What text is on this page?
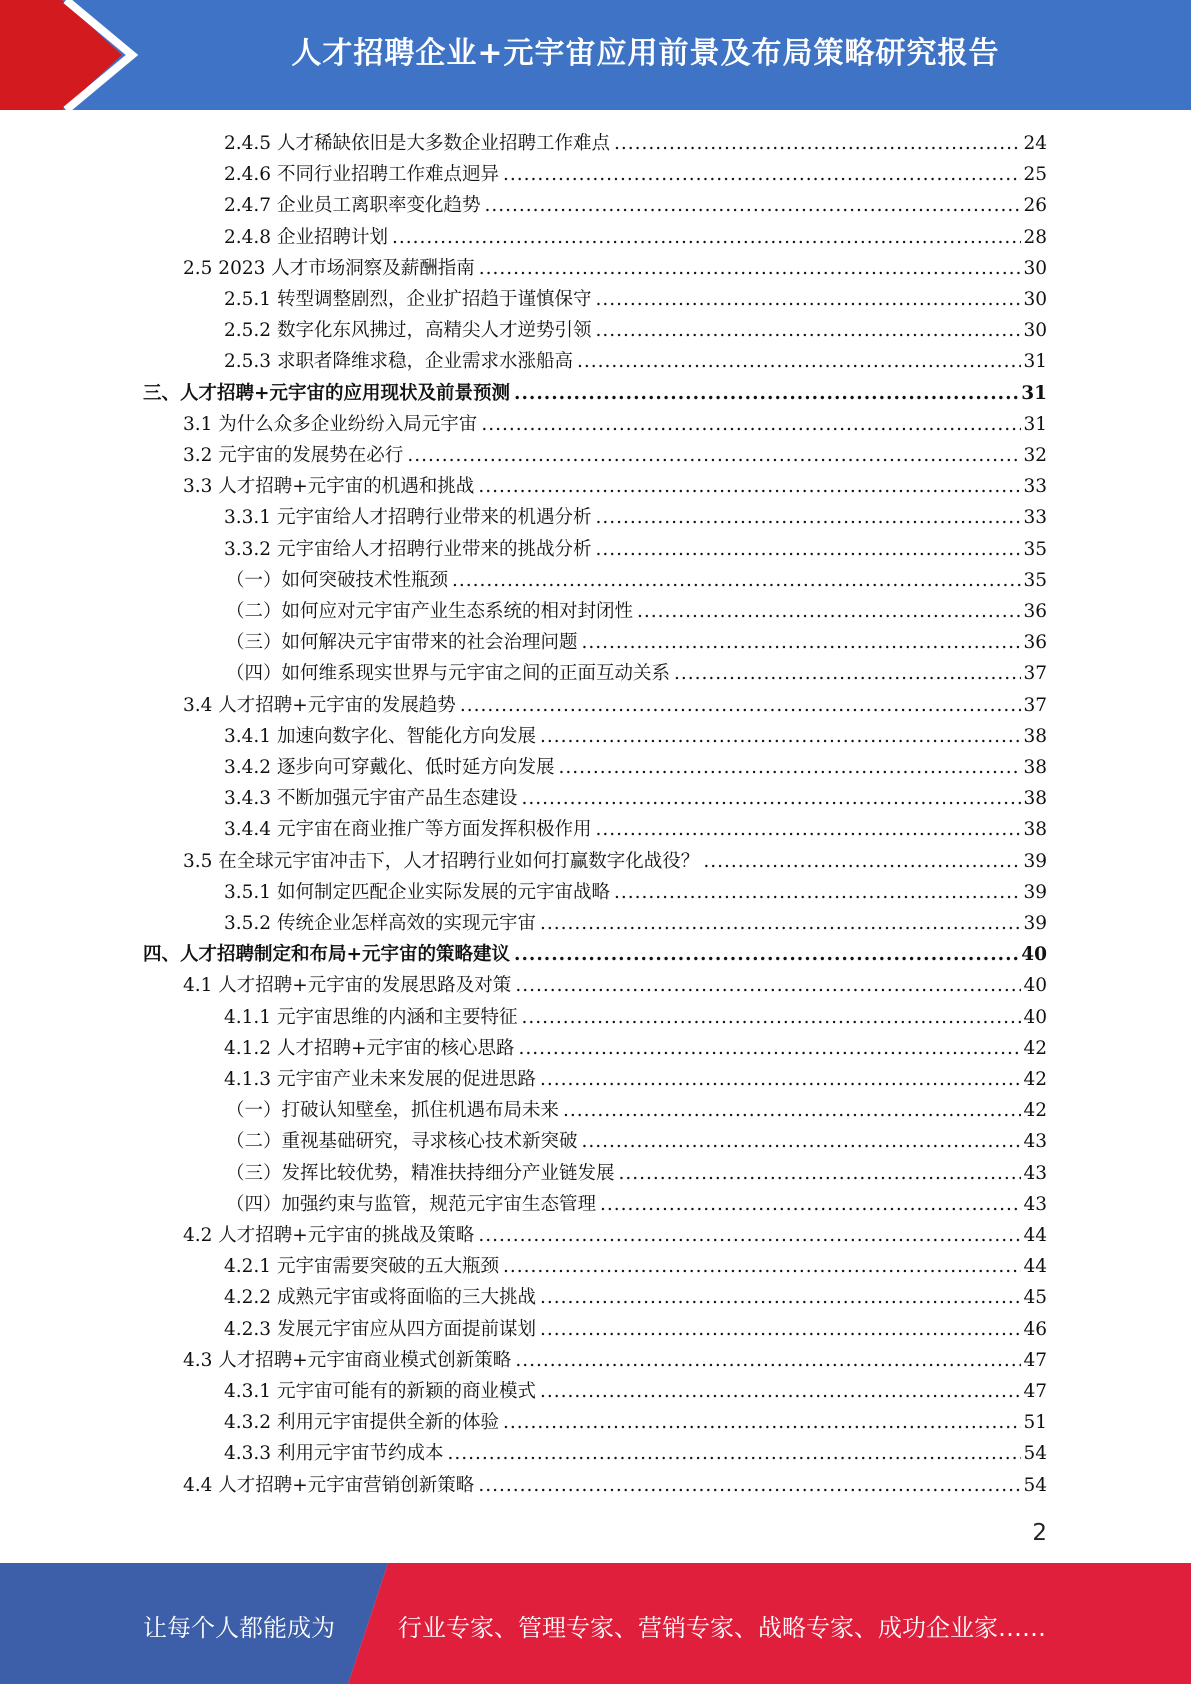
人才招聘企业+元宇宙应用前景及布局策略研究报告
2.4.5 人才稀缺依旧是大多数企业招聘工作难点 .....	24
2.4.6 不同行业招聘工作难点迥异 .....	25
2.4.7 企业员工离职率变化趋势 .....	26
2.4.8 企业招聘计划 .....	28
2.5 2023 人才市场洞察及薪酬指南 .....	30
2.5.1 转型调整剧烈，企业扩招趋于谨慎保守 .....	30
2.5.2 数字化东风拂过，高精尖人才逆势引领 .....	30
2.5.3 求职者降维求稳，企业需求水涨船高 .....	31
三、人才招聘+元宇宙的应用现状及前景预测 .....	31
3.1 为什么众多企业纷纷入局元宇宙 .....	31
3.2 元宇宙的发展势在必行 .....	32
3.3 人才招聘+元宇宙的机遇和挑战 .....	33
3.3.1 元宇宙给人才招聘行业带来的机遇分析 .....	33
3.3.2 元宇宙给人才招聘行业带来的挑战分析 .....	35
（一）如何突破技术性瓶颈 .....	35
（二）如何应对元宇宙产业生态系统的相对封闭性 .....	36
（三）如何解决元宇宙带来的社会治理问题 .....	36
（四）如何维系现实世界与元宇宙之间的正面互动关系 .....	37
3.4 人才招聘+元宇宙的发展趋势 .....	37
3.4.1 加速向数字化、智能化方向发展 .....	38
3.4.2 逐步向可穿戴化、低时延方向发展 .....	38
3.4.3 不断加强元宇宙产品生态建设 .....	38
3.4.4 元宇宙在商业推广等方面发挥积极作用 .....	38
3.5 在全球元宇宙冲击下，人才招聘行业如何打赢数字化战役？ .....	39
3.5.1 如何制定匹配企业实际发展的元宇宙战略 .....	39
3.5.2 传统企业怎样高效的实现元宇宙 .....	39
四、人才招聘制定和布局+元宇宙的策略建议 .....	40
4.1 人才招聘+元宇宙的发展思路及对策 .....	40
4.1.1 元宇宙思维的内涵和主要特征 .....	40
4.1.2 人才招聘+元宇宙的核心思路 .....	42
4.1.3 元宇宙产业未来发展的促进思路 .....	42
（一）打破认知壁垒，抓住机遇布局未来 .....	42
（二）重视基础研究，寻求核心技术新突破 .....	43
（三）发挥比较优势，精准扶持细分产业链发展 .....	43
（四）加强约束与监管，规范元宇宙生态管理 .....	43
4.2 人才招聘+元宇宙的挑战及策略 .....	44
4.2.1 元宇宙需要突破的五大瓶颈 .....	44
4.2.2 成熟元宇宙或将面临的三大挑战 .....	45
4.2.3 发展元宇宙应从四方面提前谋划 .....	46
4.3 人才招聘+元宇宙商业模式创新策略 .....	47
4.3.1 元宇宙可能有的新颖的商业模式 .....	47
4.3.2 利用元宇宙提供全新的体验 .....	51
4.3.3 利用元宇宙节约成本 .....	54
4.4 人才招聘+元宇宙营销创新策略 .....	54
2
让每个人都能成为	行业专家、管理专家、营销专家、战略专家、成功企业家……
